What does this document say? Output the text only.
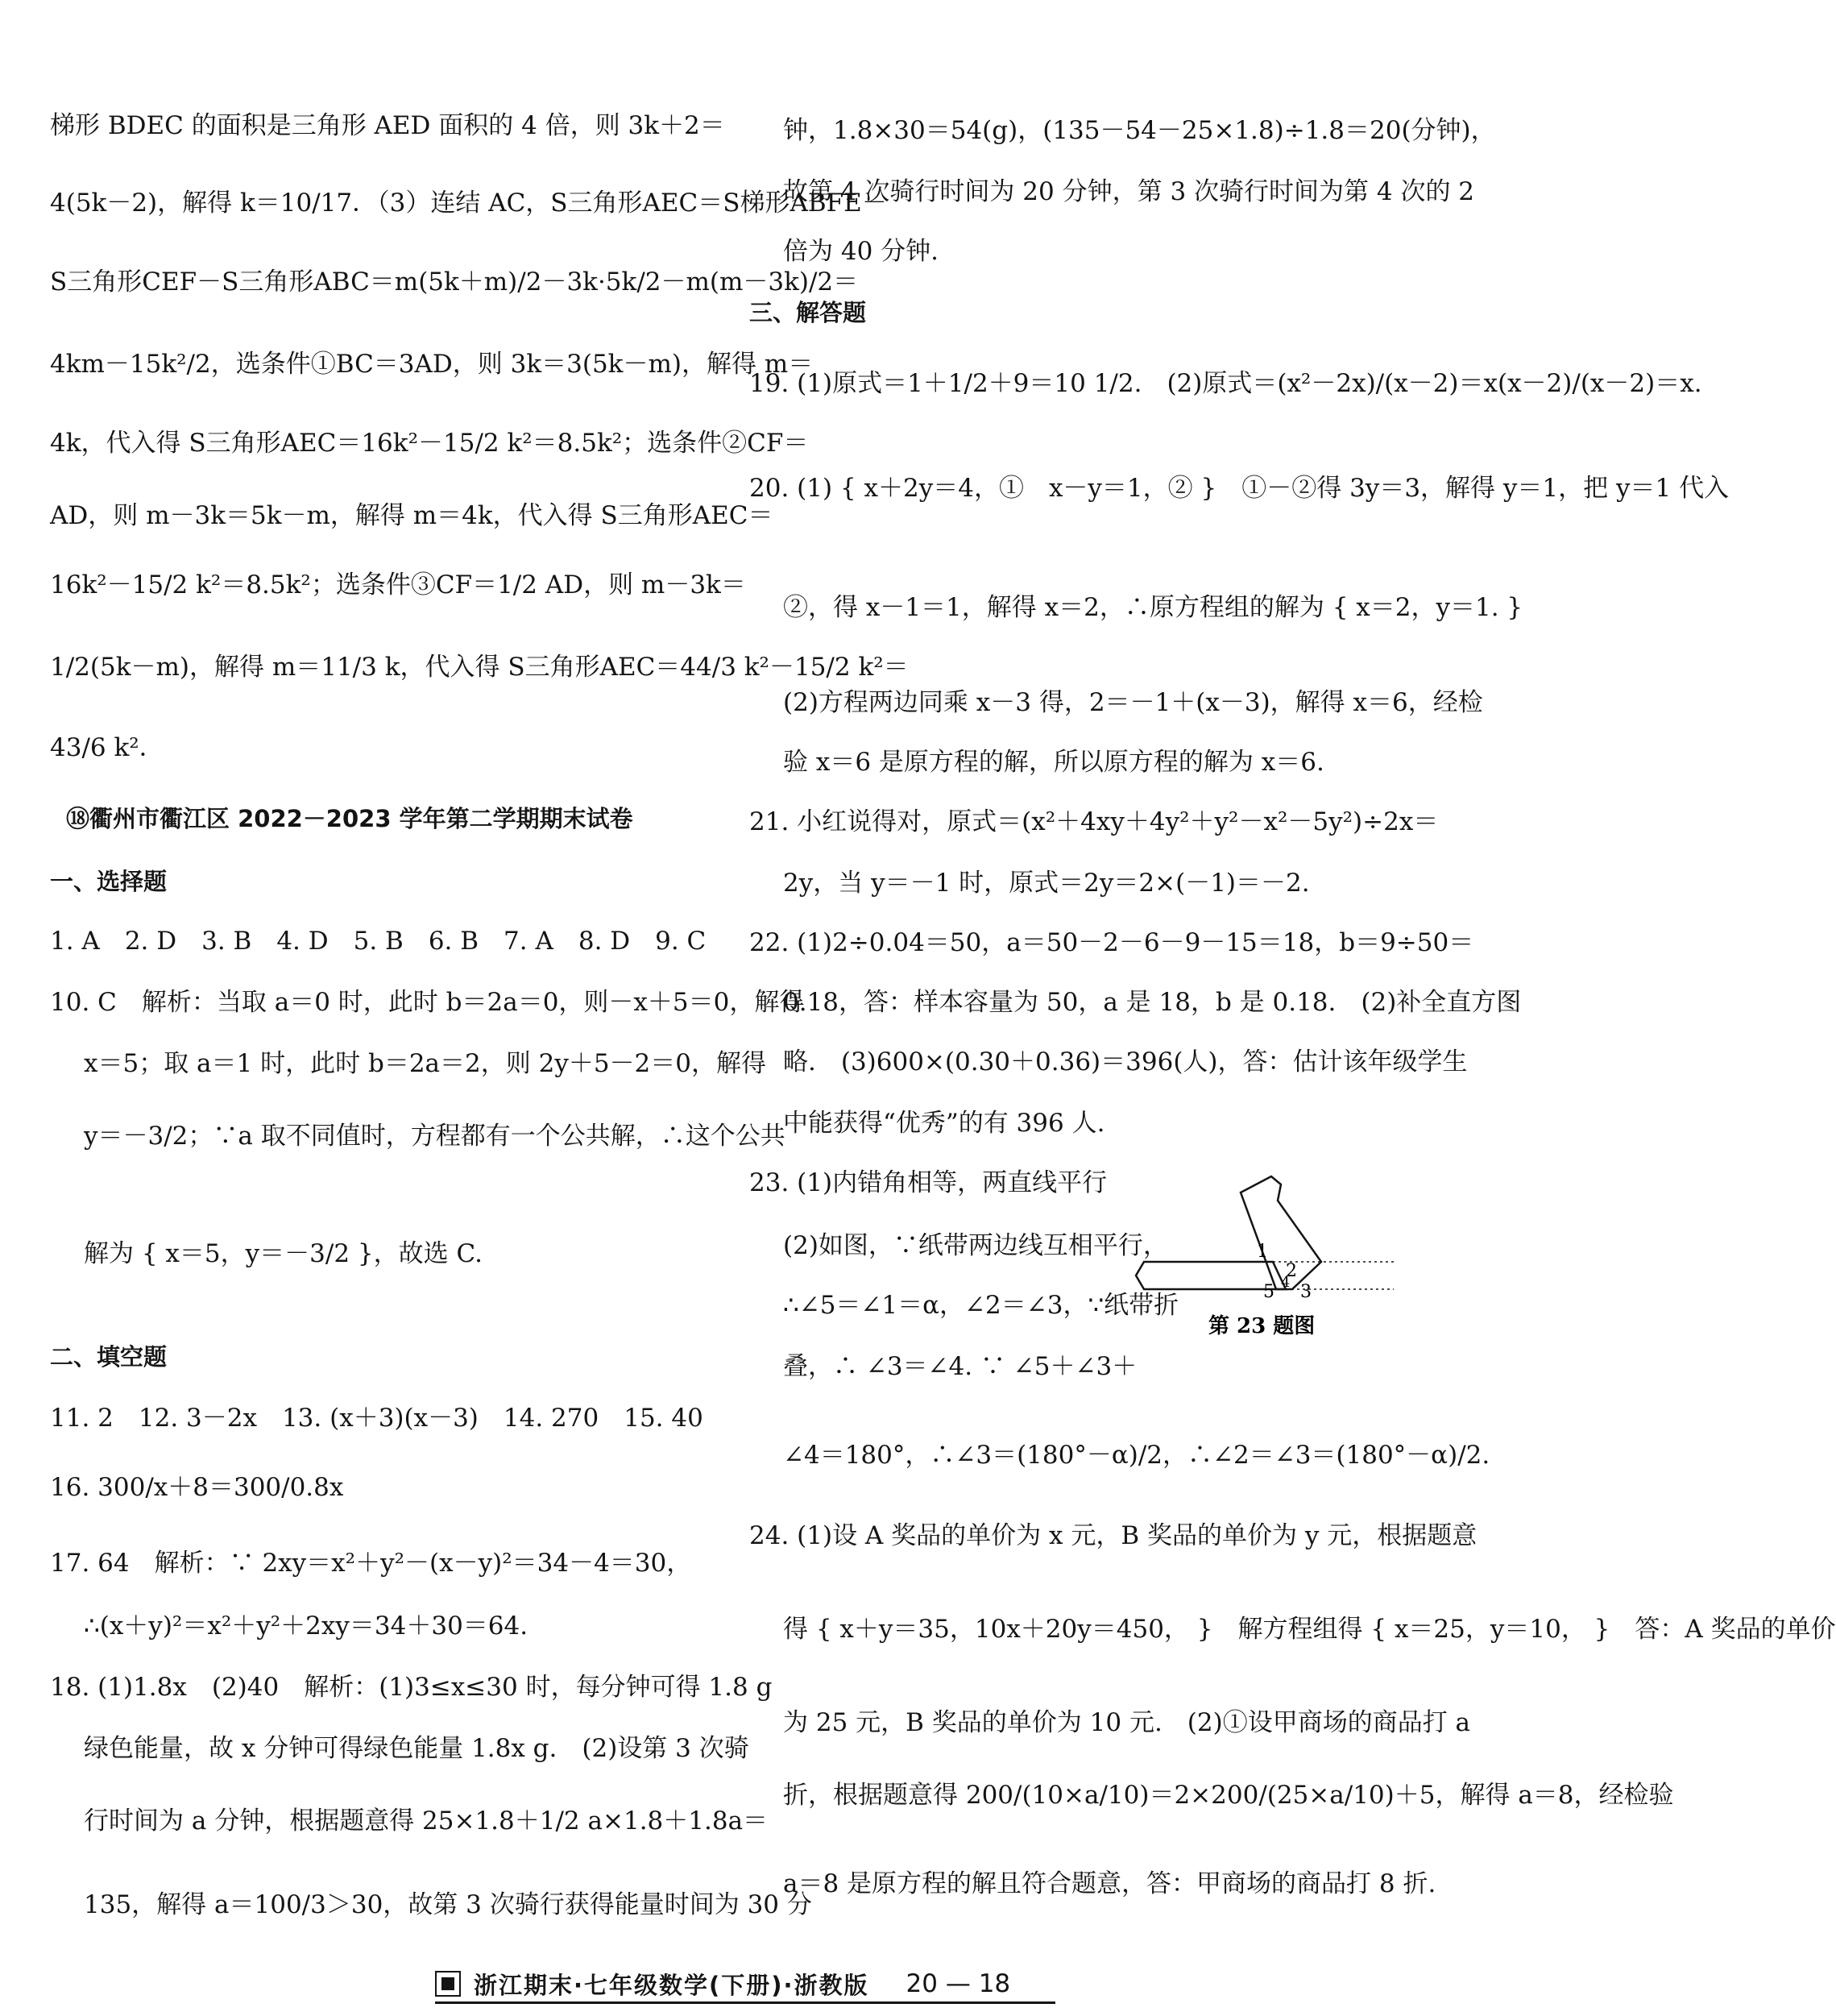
梯形 BDEC 的面积是三角形 AED 面积的 4 倍，则 3k＋2＝
4(5k－2)，解得 k＝10/17．（3）连结 AC，S三角形AEC＝S梯形ABFE－
S三角形CEF－S三角形ABC＝m(5k＋m)/2－3k·5k/2－m(m－3k)/2＝
4km－15k²/2，选条件①BC＝3AD，则 3k＝3(5k－m)，解得 m＝
4k，代入得 S三角形AEC＝16k²－15/2 k²＝8.5k²；选条件②CF＝
AD，则 m－3k＝5k－m，解得 m＝4k，代入得 S三角形AEC＝
16k²－15/2 k²＝8.5k²；选条件③CF＝1/2 AD，则 m－3k＝
1/2(5k－m)，解得 m＝11/3 k，代入得 S三角形AEC＝44/3 k²－15/2 k²＝
43/6 k²．
⑱衢州市衢江区 2022－2023 学年第二学期期末试卷
一、选择题
1. A　2. D　3. B　4. D　5. B　6. B　7. A　8. D　9. C
10. C　解析：当取 a＝0 时，此时 b＝2a＝0，则－x＋5＝0，解得
x＝5；取 a＝1 时，此时 b＝2a＝2，则 2y＋5－2＝0，解得
y＝－3/2；∵a 取不同值时，方程都有一个公共解，∴这个公共
解为 { x＝5，y＝－3/2 }，故选 C.
二、填空题
11. 2　12. 3－2x　13. (x＋3)(x－3)　14. 270　15. 40
16. 300/x＋8＝300/0.8x
17. 64　解析：∵ 2xy＝x²＋y²－(x－y)²＝34－4＝30，
∴(x＋y)²＝x²＋y²＋2xy＝34＋30＝64.
18. (1)1.8x　(2)40　解析：(1)3≤x≤30 时，每分钟可得 1.8 g
绿色能量，故 x 分钟可得绿色能量 1.8x g.　(2)设第 3 次骑
行时间为 a 分钟，根据题意得 25×1.8＋1/2 a×1.8＋1.8a＝
135，解得 a＝100/3＞30，故第 3 次骑行获得能量时间为 30 分
钟，1.8×30＝54(g)，(135－54－25×1.8)÷1.8＝20(分钟)，
故第 4 次骑行时间为 20 分钟，第 3 次骑行时间为第 4 次的 2
倍为 40 分钟.
三、解答题
19. (1)原式＝1＋1/2＋9＝10 1/2.　(2)原式＝(x²－2x)/(x－2)＝x(x－2)/(x－2)＝x.
20. (1) { x＋2y＝4，①　x－y＝1，② }　①－②得 3y＝3，解得 y＝1，把 y＝1 代入
②，得 x－1＝1，解得 x＝2，∴原方程组的解为 { x＝2，y＝1. }
(2)方程两边同乘 x－3 得，2＝－1＋(x－3)，解得 x＝6，经检
验 x＝6 是原方程的解，所以原方程的解为 x＝6.
21. 小红说得对，原式＝(x²＋4xy＋4y²＋y²－x²－5y²)÷2x＝
2y，当 y＝－1 时，原式＝2y＝2×(－1)＝－2.
22. (1)2÷0.04＝50，a＝50－2－6－9－15＝18，b＝9÷50＝
0.18，答：样本容量为 50，a 是 18，b 是 0.18.　(2)补全直方图
略.　(3)600×(0.30＋0.36)＝396(人)，答：估计该年级学生
中能获得“优秀”的有 396 人.
23. (1)内错角相等，两直线平行
(2)如图，∵纸带两边线互相平行，
∴∠5＝∠1＝α，∠2＝∠3，∵纸带折
叠，∴ ∠3＝∠4. ∵ ∠5＋∠3＋
∠4＝180°，∴∠3＝(180°－α)/2，∴∠2＝∠3＝(180°－α)/2.
24. (1)设 A 奖品的单价为 x 元，B 奖品的单价为 y 元，根据题意
得 { x＋y＝35，10x＋20y＝450， }　解方程组得 { x＝25，y＝10， }　答：A 奖品的单价
为 25 元，B 奖品的单价为 10 元.　(2)①设甲商场的商品打 a
折，根据题意得 200/(10×a/10)＝2×200/(25×a/10)＋5，解得 a＝8，经检验
a＝8 是原方程的解且符合题意，答：甲商场的商品打 8 折.
1
2
3
4
5
第 23 题图
浙江期末·七年级数学(下册)·浙教版 20 — 18
